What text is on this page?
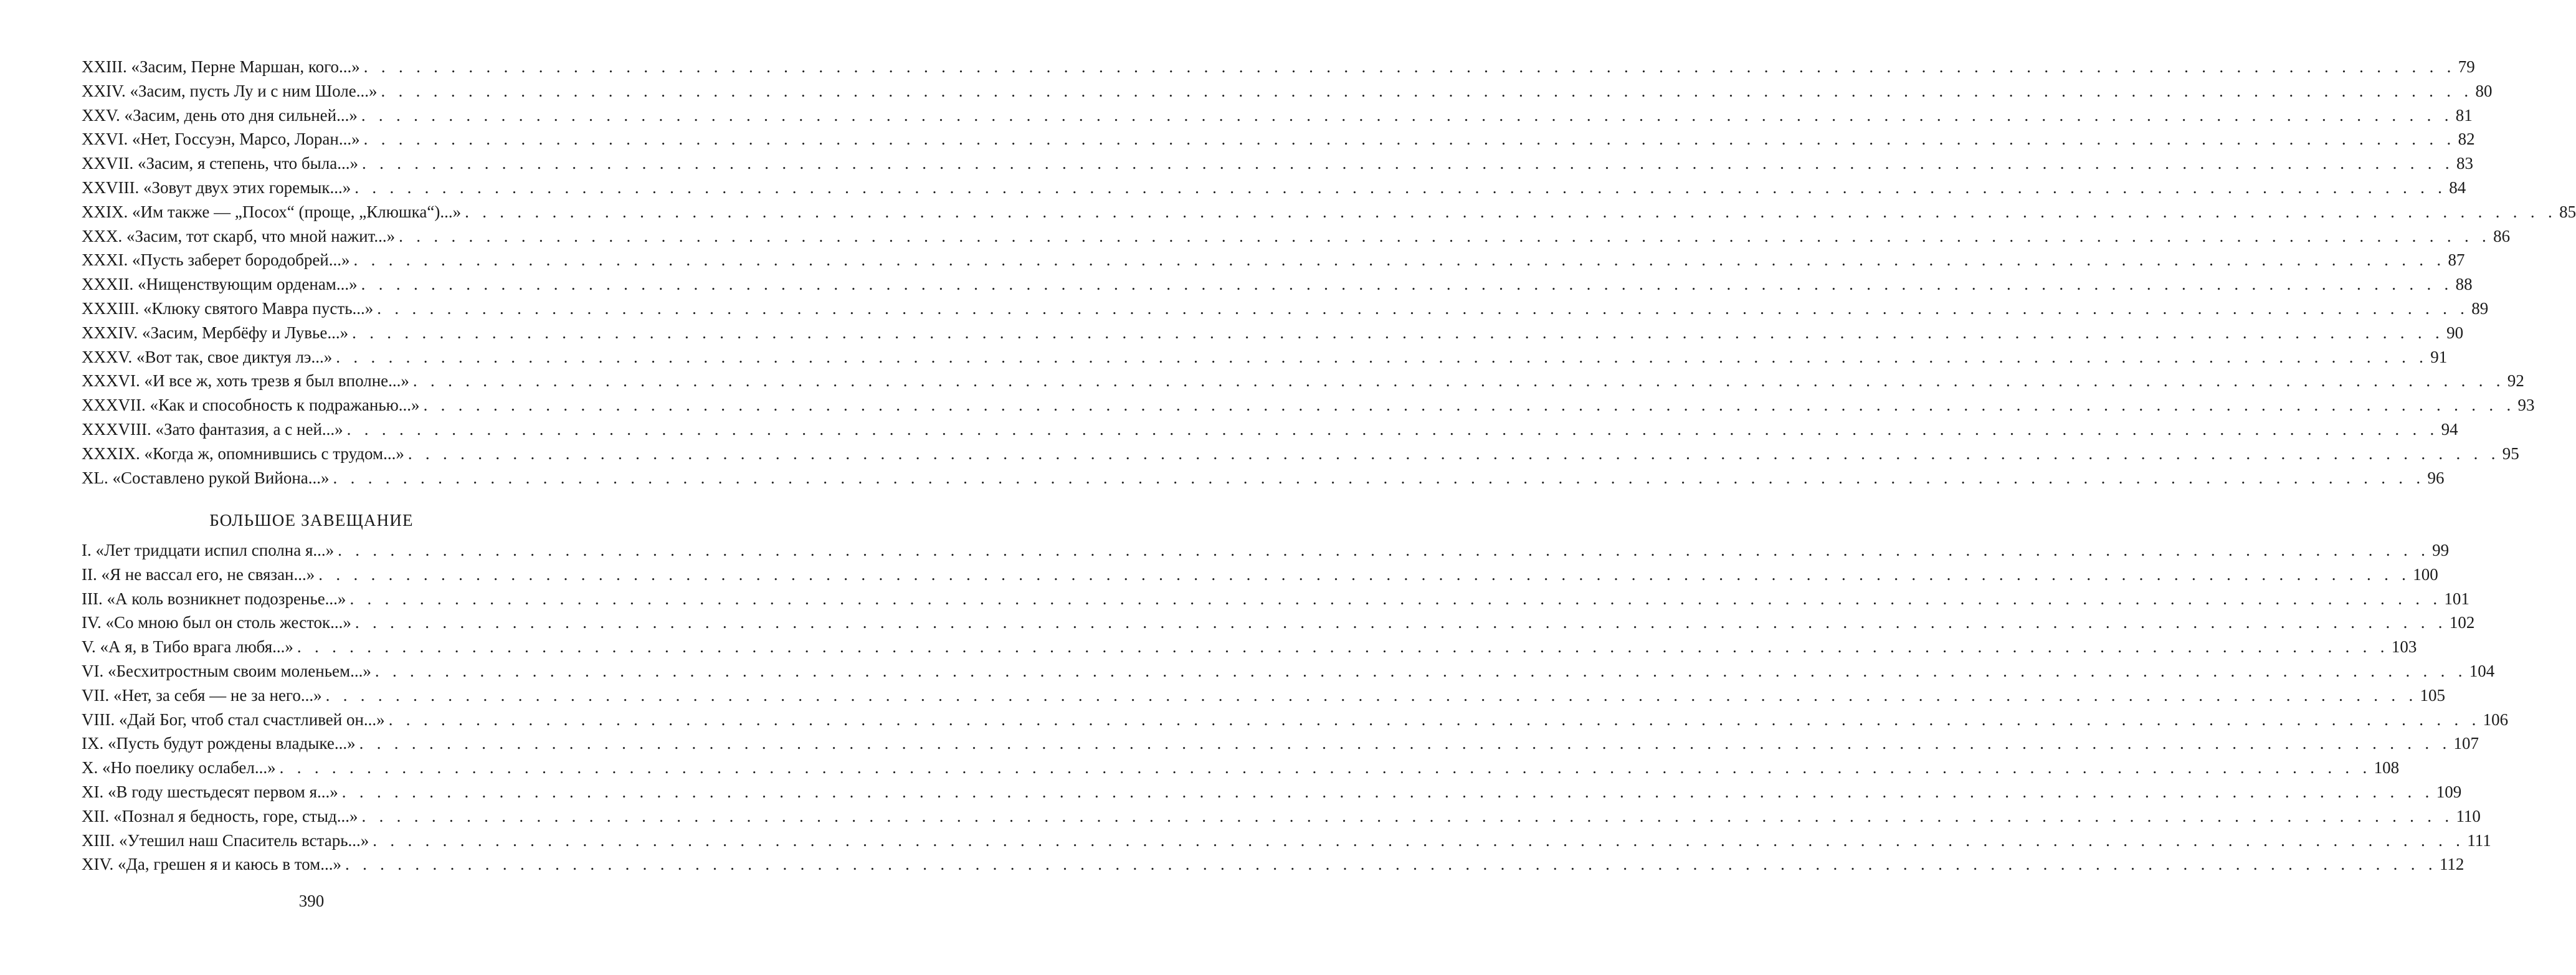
XXIII. «Засим, Перне Маршан, кого...» . . . . . . . . . . . . . . . . . . . . . . . . . . . . . . . . . . . . . . . . . . . . . . . . . . . . . . . . . . . . . . . . . . . . . . . . . . . . . . . . . . . . . . . . . . . . . . . . . . . . . . . . . . . . . . . . . . . . . . . . 79
XXIV. «Засим, пусть Лу и с ним Шоле...» . . . . . . . . . . . . . . . . . . . . . . . . . . . . . . . . . . . . . . . . . . . . . . . . . . . . . . . . . . . . . . . . . . . . . . . . . . . . . . . . . . . . . . . . . . . . . . . . . . . . . . . . . . . . . . . . . . . . . . . . 80
XXV. «Засим, день ото дня сильней...» . . . . . . . . . . . . . . . . . . . . . . . . . . . . . . . . . . . . . . . . . . . . . . . . . . . . . . . . . . . . . . . . . . . . . . . . . . . . . . . . . . . . . . . . . . . . . . . . . . . . . . . . . . . . . . . . . . . . . . . . 81
XXVI. «Нет, Госсуэн, Марсо, Лоран...» . . . . . . . . . . . . . . . . . . . . . . . . . . . . . . . . . . . . . . . . . . . . . . . . . . . . . . . . . . . . . . . . . . . . . . . . . . . . . . . . . . . . . . . . . . . . . . . . . . . . . . . . . . . . . . . . . . . . . . . . 82
XXVII. «Засим, я степень, что была...» . . . . . . . . . . . . . . . . . . . . . . . . . . . . . . . . . . . . . . . . . . . . . . . . . . . . . . . . . . . . . . . . . . . . . . . . . . . . . . . . . . . . . . . . . . . . . . . . . . . . . . . . . . . . . . . . . . . . . . . . 83
XXVIII. «Зовут двух этих горемык...» . . . . . . . . . . . . . . . . . . . . . . . . . . . . . . . . . . . . . . . . . . . . . . . . . . . . . . . . . . . . . . . . . . . . . . . . . . . . . . . . . . . . . . . . . . . . . . . . . . . . . . . . . . . . . . . . . . . . . . . . 84
XXIX. «Им также — „Посох“ (проще, „Клюшка“)...» . . . . . . . . . . . . . . . . . . . . . . . . . . . . . . . . . . . . . . . . . . . . . . . . . . . . . . . . . . . . . . . . . . . . . . . . . . . . . . . . . . . . . . . . . . . . . . . . . . . . . . . . . . . . . . . . . . . . . . . . 85
XXX. «Засим, тот скарб, что мной нажит...» . . . . . . . . . . . . . . . . . . . . . . . . . . . . . . . . . . . . . . . . . . . . . . . . . . . . . . . . . . . . . . . . . . . . . . . . . . . . . . . . . . . . . . . . . . . . . . . . . . . . . . . . . . . . . . . . . . . . . . . . 86
XXXI. «Пусть заберет бородобрей...» . . . . . . . . . . . . . . . . . . . . . . . . . . . . . . . . . . . . . . . . . . . . . . . . . . . . . . . . . . . . . . . . . . . . . . . . . . . . . . . . . . . . . . . . . . . . . . . . . . . . . . . . . . . . . . . . . . . . . . . . 87
XXXII. «Нищенствующим орденам...» . . . . . . . . . . . . . . . . . . . . . . . . . . . . . . . . . . . . . . . . . . . . . . . . . . . . . . . . . . . . . . . . . . . . . . . . . . . . . . . . . . . . . . . . . . . . . . . . . . . . . . . . . . . . . . . . . . . . . . . . 88
XXXIII. «Клюку святого Мавра пусть...» . . . . . . . . . . . . . . . . . . . . . . . . . . . . . . . . . . . . . . . . . . . . . . . . . . . . . . . . . . . . . . . . . . . . . . . . . . . . . . . . . . . . . . . . . . . . . . . . . . . . . . . . . . . . . . . . . . . . . . . . 89
XXXIV. «Засим, Мербёфу и Лувье...» . . . . . . . . . . . . . . . . . . . . . . . . . . . . . . . . . . . . . . . . . . . . . . . . . . . . . . . . . . . . . . . . . . . . . . . . . . . . . . . . . . . . . . . . . . . . . . . . . . . . . . . . . . . . . . . . . . . . . . . . 90
XXXV. «Вот так, свое диктуя лэ...» . . . . . . . . . . . . . . . . . . . . . . . . . . . . . . . . . . . . . . . . . . . . . . . . . . . . . . . . . . . . . . . . . . . . . . . . . . . . . . . . . . . . . . . . . . . . . . . . . . . . . . . . . . . . . . . . . . . . . . . . 91
XXXVI. «И все ж, хоть трезв я был вполне...» . . . . . . . . . . . . . . . . . . . . . . . . . . . . . . . . . . . . . . . . . . . . . . . . . . . . . . . . . . . . . . . . . . . . . . . . . . . . . . . . . . . . . . . . . . . . . . . . . . . . . . . . . . . . . . . . . . . . . . . . 92
XXXVII. «Как и способность к подражанью...» . . . . . . . . . . . . . . . . . . . . . . . . . . . . . . . . . . . . . . . . . . . . . . . . . . . . . . . . . . . . . . . . . . . . . . . . . . . . . . . . . . . . . . . . . . . . . . . . . . . . . . . . . . . . . . . . . . . . . . . . 93
XXXVIII. «Зато фантазия, а с ней...» . . . . . . . . . . . . . . . . . . . . . . . . . . . . . . . . . . . . . . . . . . . . . . . . . . . . . . . . . . . . . . . . . . . . . . . . . . . . . . . . . . . . . . . . . . . . . . . . . . . . . . . . . . . . . . . . . . . . . . . . 94
XXXIX. «Когда ж, опомнившись с трудом...» . . . . . . . . . . . . . . . . . . . . . . . . . . . . . . . . . . . . . . . . . . . . . . . . . . . . . . . . . . . . . . . . . . . . . . . . . . . . . . . . . . . . . . . . . . . . . . . . . . . . . . . . . . . . . . . . . . . . . . . . 95
XL. «Составлено рукой Вийона...» . . . . . . . . . . . . . . . . . . . . . . . . . . . . . . . . . . . . . . . . . . . . . . . . . . . . . . . . . . . . . . . . . . . . . . . . . . . . . . . . . . . . . . . . . . . . . . . . . . . . . . . . . . . . . . . . . . . . . . . . 96
БОЛЬШОЕ ЗАВЕЩАНИЕ
I. «Лет тридцати испил сполна я...» . . . . . . . . . . . . . . . . . . . . . . . . . . . . . . . . . . . . . . . . . . . . . . . . . . . . . . . . . . . . . . . . . . . . . . . . . . . . . . . . . . . . . . . . . . . . . . . . . . . . . . . . . . . . . . . . . . . . . . . . 99
II. «Я не вассал его, не связан...» . . . . . . . . . . . . . . . . . . . . . . . . . . . . . . . . . . . . . . . . . . . . . . . . . . . . . . . . . . . . . . . . . . . . . . . . . . . . . . . . . . . . . . . . . . . . . . . . . . . . . . . . . . . . . . . . . . . . . . . . 100
III. «А коль возникнет подозренье...» . . . . . . . . . . . . . . . . . . . . . . . . . . . . . . . . . . . . . . . . . . . . . . . . . . . . . . . . . . . . . . . . . . . . . . . . . . . . . . . . . . . . . . . . . . . . . . . . . . . . . . . . . . . . . . . . . . . . . . . . 101
IV. «Со мною был он столь жесток...» . . . . . . . . . . . . . . . . . . . . . . . . . . . . . . . . . . . . . . . . . . . . . . . . . . . . . . . . . . . . . . . . . . . . . . . . . . . . . . . . . . . . . . . . . . . . . . . . . . . . . . . . . . . . . . . . . . . . . . . . 102
V. «А я, в Тибо врага любя...» . . . . . . . . . . . . . . . . . . . . . . . . . . . . . . . . . . . . . . . . . . . . . . . . . . . . . . . . . . . . . . . . . . . . . . . . . . . . . . . . . . . . . . . . . . . . . . . . . . . . . . . . . . . . . . . . . . . . . . . . 103
VI. «Бесхитростным своим моленьем...» . . . . . . . . . . . . . . . . . . . . . . . . . . . . . . . . . . . . . . . . . . . . . . . . . . . . . . . . . . . . . . . . . . . . . . . . . . . . . . . . . . . . . . . . . . . . . . . . . . . . . . . . . . . . . . . . . . . . . . . . 104
VII. «Нет, за себя — не за него...» . . . . . . . . . . . . . . . . . . . . . . . . . . . . . . . . . . . . . . . . . . . . . . . . . . . . . . . . . . . . . . . . . . . . . . . . . . . . . . . . . . . . . . . . . . . . . . . . . . . . . . . . . . . . . . . . . . . . . . . . 105
VIII. «Дай Бог, чтоб стал счастливей он...» . . . . . . . . . . . . . . . . . . . . . . . . . . . . . . . . . . . . . . . . . . . . . . . . . . . . . . . . . . . . . . . . . . . . . . . . . . . . . . . . . . . . . . . . . . . . . . . . . . . . . . . . . . . . . . . . . . . . . . . . 106
IX. «Пусть будут рождены владыке...» . . . . . . . . . . . . . . . . . . . . . . . . . . . . . . . . . . . . . . . . . . . . . . . . . . . . . . . . . . . . . . . . . . . . . . . . . . . . . . . . . . . . . . . . . . . . . . . . . . . . . . . . . . . . . . . . . . . . . . . . 107
X. «Но поелику ослабел...» . . . . . . . . . . . . . . . . . . . . . . . . . . . . . . . . . . . . . . . . . . . . . . . . . . . . . . . . . . . . . . . . . . . . . . . . . . . . . . . . . . . . . . . . . . . . . . . . . . . . . . . . . . . . . . . . . . . . . . . . 108
XI. «В году шестьдесят первом я...» . . . . . . . . . . . . . . . . . . . . . . . . . . . . . . . . . . . . . . . . . . . . . . . . . . . . . . . . . . . . . . . . . . . . . . . . . . . . . . . . . . . . . . . . . . . . . . . . . . . . . . . . . . . . . . . . . . . . . . . . 109
XII. «Познал я бедность, горе, стыд...» . . . . . . . . . . . . . . . . . . . . . . . . . . . . . . . . . . . . . . . . . . . . . . . . . . . . . . . . . . . . . . . . . . . . . . . . . . . . . . . . . . . . . . . . . . . . . . . . . . . . . . . . . . . . . . . . . . . . . . . . 110
XIII. «Утешил наш Спаситель встарь...» . . . . . . . . . . . . . . . . . . . . . . . . . . . . . . . . . . . . . . . . . . . . . . . . . . . . . . . . . . . . . . . . . . . . . . . . . . . . . . . . . . . . . . . . . . . . . . . . . . . . . . . . . . . . . . . . . . . . . . . . 111
XIV. «Да, грешен я и каюсь в том...» . . . . . . . . . . . . . . . . . . . . . . . . . . . . . . . . . . . . . . . . . . . . . . . . . . . . . . . . . . . . . . . . . . . . . . . . . . . . . . . . . . . . . . . . . . . . . . . . . . . . . . . . . . . . . . . . . . . . . . . . 112
390
